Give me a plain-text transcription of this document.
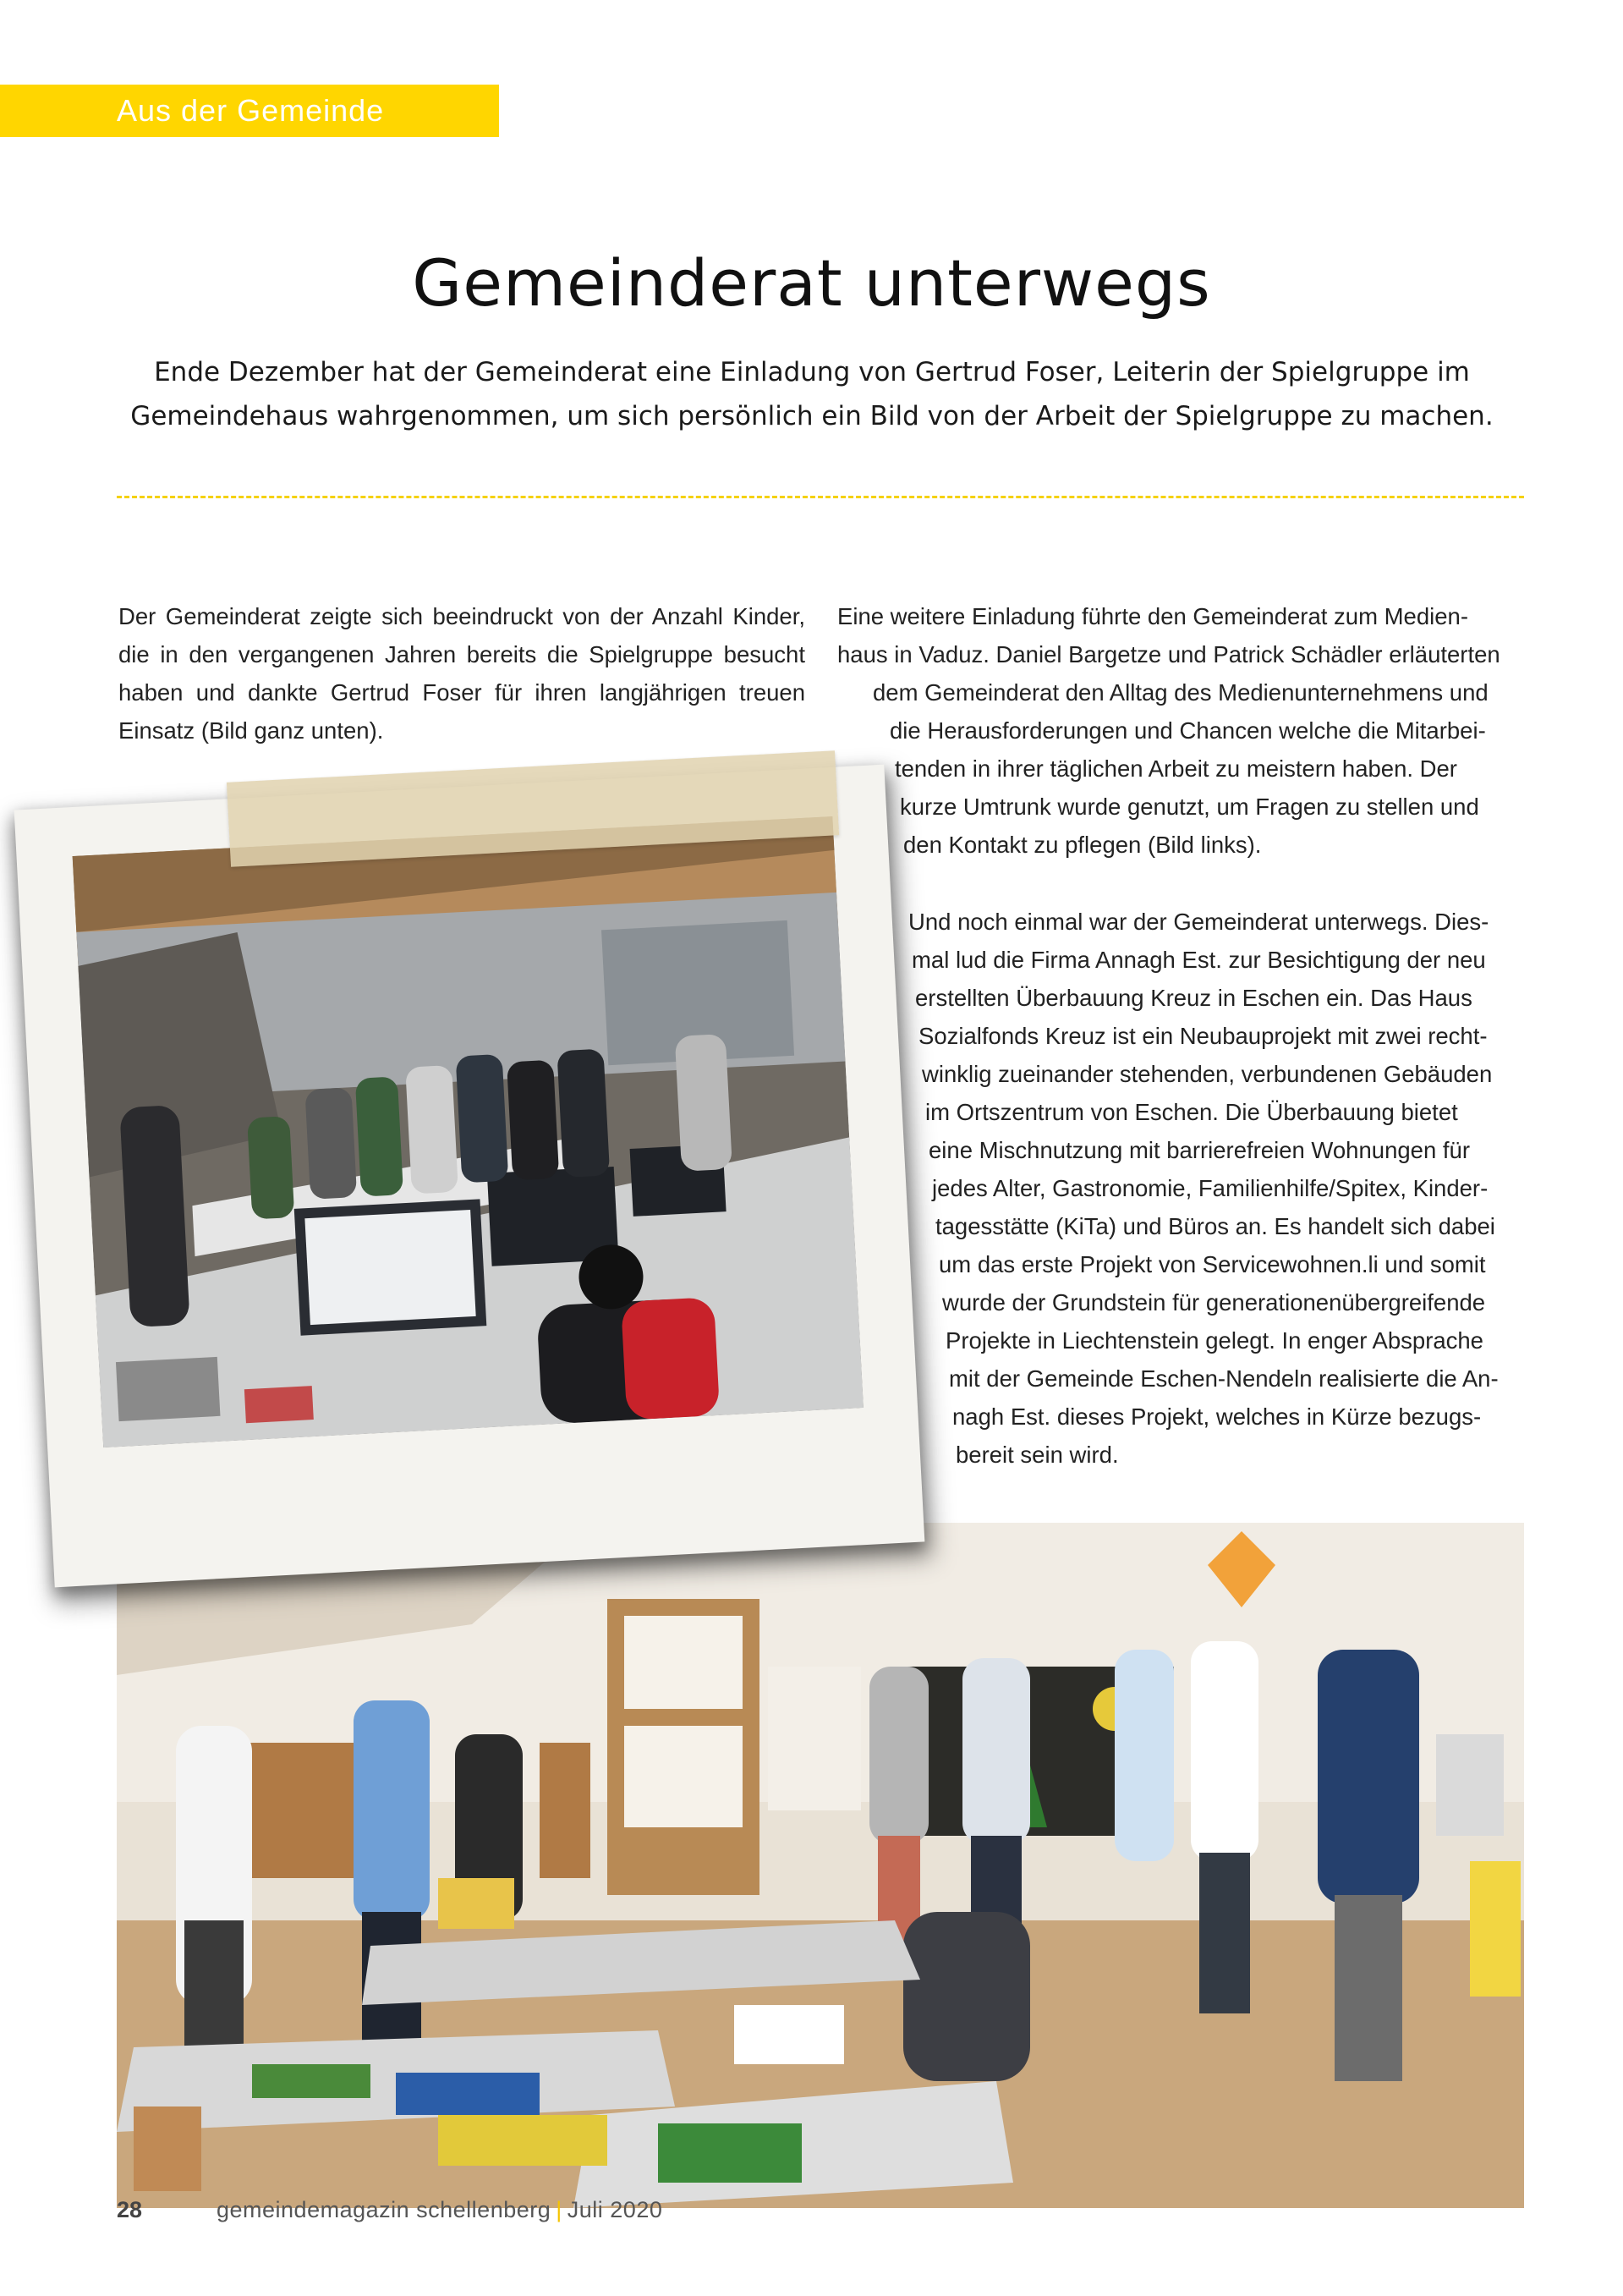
Aus der Gemeinde
Gemeinderat unterwegs
Ende Dezember hat der Gemeinderat eine Einladung von Gertrud Foser, Leiterin der Spielgruppe im
Gemeindehaus wahrgenommen, um sich persönlich ein Bild von der Arbeit der Spielgruppe zu machen.
Der Gemeinderat zeigte sich beeindruckt von der Anzahl Kinder, die in den vergangenen Jahren bereits die Spielgruppe besucht haben und dankte Gertrud Foser für ihren langjährigen treuen Einsatz (Bild ganz unten).
Eine weitere Einladung führte den Gemeinderat zum Medien-
haus in Vaduz. Daniel Bargetze und Patrick Schädler erläuterten
dem Gemeinderat den Alltag des Medienunternehmens und
die Herausforderungen und Chancen welche die Mitarbei-
tenden in ihrer täglichen Arbeit zu meistern haben. Der
kurze Umtrunk wurde genutzt, um Fragen zu stellen und
den Kontakt zu pflegen (Bild links).
Und noch einmal war der Gemeinderat unterwegs. Dies-
mal lud die Firma Annagh Est. zur Besichtigung der neu
erstellten Überbauung Kreuz in Eschen ein. Das Haus
Sozialfonds Kreuz ist ein Neubauprojekt mit zwei recht-
winklig zueinander stehenden, verbundenen Gebäuden
im Ortszentrum von Eschen. Die Überbauung bietet
eine Mischnutzung mit barrierefreien Wohnungen für
jedes Alter, Gastronomie, Familienhilfe/Spitex, Kinder-
tagesstätte (KiTa) und Büros an. Es handelt sich dabei
um das erste Projekt von Servicewohnen.li und somit
wurde der Grundstein für generationenübergreifende
Projekte in Liechtenstein gelegt. In enger Absprache
mit der Gemeinde Eschen-Nendeln realisierte die An-
nagh Est. dieses Projekt, welches in Kürze bezugs-
bereit sein wird.
28	gemeindemagazin schellenberg | Juli 2020
